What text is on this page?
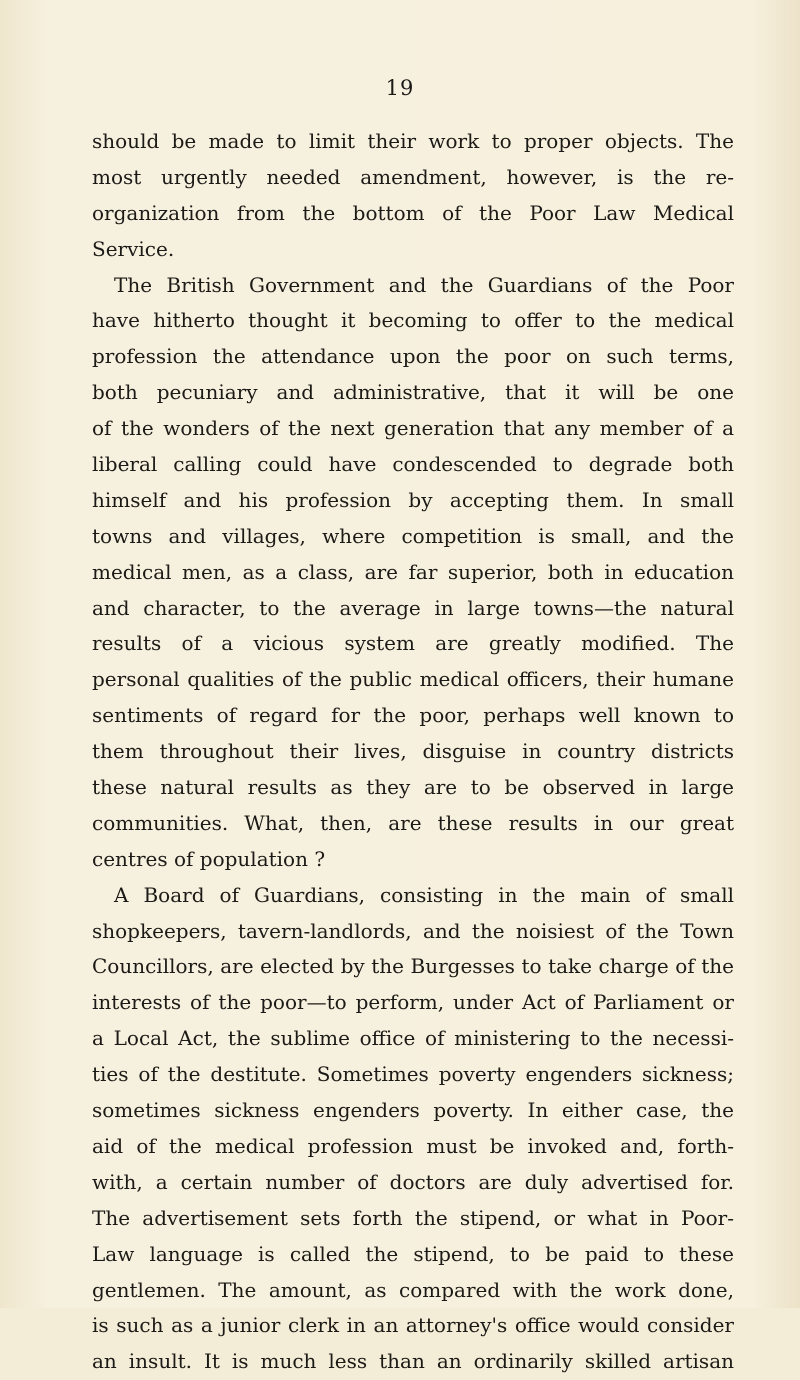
19
should be made to limit their work to proper objects. The
most urgently needed amendment, however, is the re-
organization from the bottom of the Poor Law Medical
Service.
The British Government and the Guardians of the Poor
have hitherto thought it becoming to offer to the medical
profession the attendance upon the poor on such terms,
both pecuniary and administrative, that it will be one
of the wonders of the next generation that any member of a
liberal calling could have condescended to degrade both
himself and his profession by accepting them. In small
towns and villages, where competition is small, and the
medical men, as a class, are far superior, both in education
and character, to the average in large towns—the natural
results of a vicious system are greatly modified. The
personal qualities of the public medical officers, their humane
sentiments of regard for the poor, perhaps well known to
them throughout their lives, disguise in country districts
these natural results as they are to be observed in large
communities. What, then, are these results in our great
centres of population ?
A Board of Guardians, consisting in the main of small
shopkeepers, tavern-landlords, and the noisiest of the Town
Councillors, are elected by the Burgesses to take charge of the
interests of the poor—to perform, under Act of Parliament or
a Local Act, the sublime office of ministering to the necessi-
ties of the destitute. Sometimes poverty engenders sickness;
sometimes sickness engenders poverty. In either case, the
aid of the medical profession must be invoked and, forth-
with, a certain number of doctors are duly advertised for.
The advertisement sets forth the stipend, or what in Poor-
Law language is called the stipend, to be paid to these
gentlemen. The amount, as compared with the work done,
is such as a junior clerk in an attorney's office would consider
an insult. It is much less than an ordinarily skilled artisan
